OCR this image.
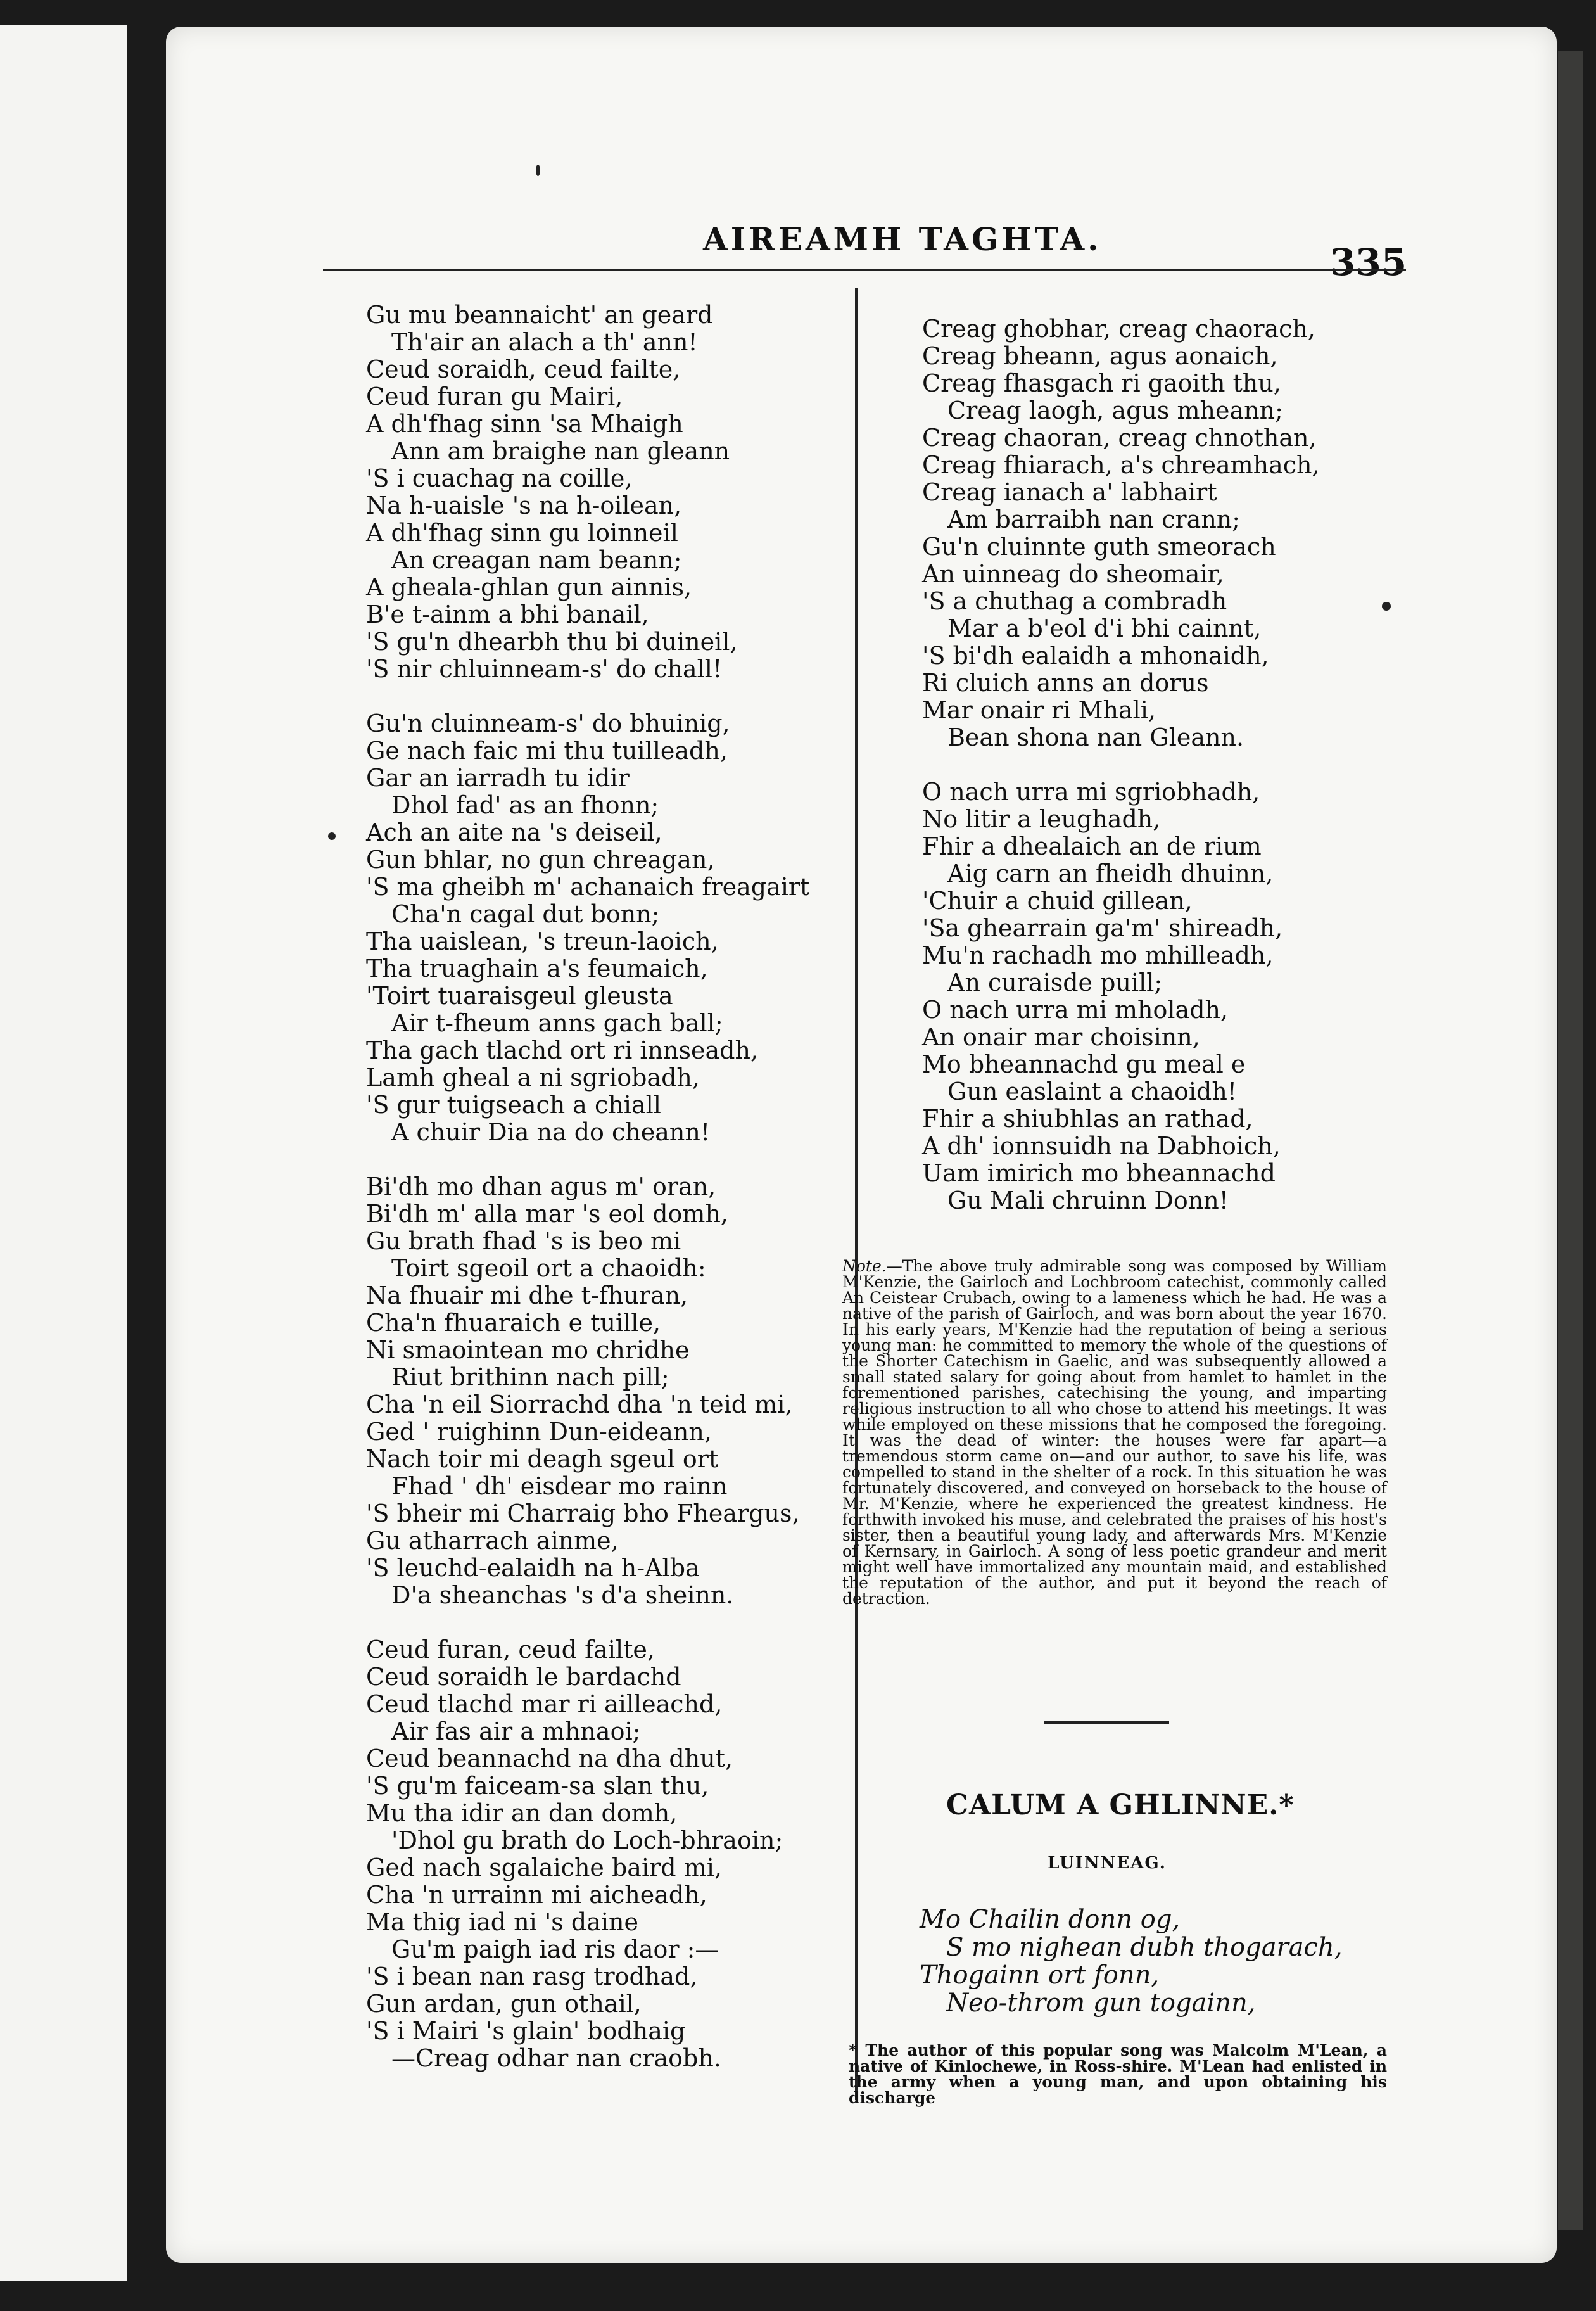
AIREAMH TAGHTA.
335
Gu mu beannaicht' an geard
Th'air an alach a th' ann!
Ceud soraidh, ceud failte,
Ceud furan gu Mairi,
A dh'fhag sinn 'sa Mhaigh
Ann am braighe nan gleann
'S i cuachag na coille,
Na h-uaisle 's na h-oilean,
A dh'fhag sinn gu loinneil
An creagan nam beann;
A gheala-ghlan gun ainnis,
B'e t-ainm a bhi banail,
'S gu'n dhearbh thu bi duineil,
'S nir chluinneam-s' do chall!
Gu'n cluinneam-s' do bhuinig,
Ge nach faic mi thu tuilleadh,
Gar an iarradh tu idir
Dhol fad' as an fhonn;
Ach an aite na 's deiseil,
Gun bhlar, no gun chreagan,
'S ma gheibh m' achanaich freagairt
Cha'n cagal dut bonn;
Tha uaislean, 's treun-laoich,
Tha truaghain a's feumaich,
'Toirt tuaraisgeul gleusta
Air t-fheum anns gach ball;
Tha gach tlachd ort ri innseadh,
Lamh gheal a ni sgriobadh,
'S gur tuigseach a chiall
A chuir Dia na do cheann!
Bi'dh mo dhan agus m' oran,
Bi'dh m' alla mar 's eol domh,
Gu brath fhad 's is beo mi
Toirt sgeoil ort a chaoidh:
Na fhuair mi dhe t-fhuran,
Cha'n fhuaraich e tuille,
Ni smaointean mo chridhe
Riut brithinn nach pill;
Cha 'n eil Siorrachd dha 'n teid mi,
Ged ' ruighinn Dun-eideann,
Nach toir mi deagh sgeul ort
Fhad ' dh' eisdear mo rainn
'S bheir mi Charraig bho Fheargus,
Gu atharrach ainme,
'S leuchd-ealaidh na h-Alba
D'a sheanchas 's d'a sheinn.
Ceud furan, ceud failte,
Ceud soraidh le bardachd
Ceud tlachd mar ri ailleachd,
Air fas air a mhnaoi;
Ceud beannachd na dha dhut,
'S gu'm faiceam-sa slan thu,
Mu tha idir an dan domh,
'Dhol gu brath do Loch-bhraoin;
Ged nach sgalaiche baird mi,
Cha 'n urrainn mi aicheadh,
Ma thig iad ni 's daine
Gu'm paigh iad ris daor :—
'S i bean nan rasg trodhad,
Gun ardan, gun othail,
'S i Mairi 's glain' bodhaig
—Creag odhar nan craobh.
Creag ghobhar, creag chaorach,
Creag bheann, agus aonaich,
Creag fhasgach ri gaoith thu,
Creag laogh, agus mheann;
Creag chaoran, creag chnothan,
Creag fhiarach, a's chreamhach,
Creag ianach a' labhairt
Am barraibh nan crann;
Gu'n cluinnte guth smeorach
An uinneag do sheomair,
'S a chuthag a combradh
Mar a b'eol d'i bhi cainnt,
'S bi'dh ealaidh a mhonaidh,
Ri cluich anns an dorus
Mar onair ri Mhali,
Bean shona nan Gleann.
O nach urra mi sgriobhadh,
No litir a leughadh,
Fhir a dhealaich an de rium
Aig carn an fheidh dhuinn,
'Chuir a chuid gillean,
'Sa ghearrain ga'm' shireadh,
Mu'n rachadh mo mhilleadh,
An curaisde puill;
O nach urra mi mholadh,
An onair mar choisinn,
Mo bheannachd gu meal e
Gun easlaint a chaoidh!
Fhir a shiubhlas an rathad,
A dh' ionnsuidh na Dabhoich,
Uam imirich mo bheannachd
Gu Mali chruinn Donn!
Note.—The above truly admirable song was composed by William M'Kenzie, the Gairloch and Lochbroom catechist, commonly called An Ceistear Crubach, owing to a lameness which he had. He was a native of the parish of Gairloch, and was born about the year 1670. In his early years, M'Kenzie had the reputation of being a serious young man: he committed to memory the whole of the questions of the Shorter Catechism in Gaelic, and was subsequently allowed a small stated salary for going about from hamlet to hamlet in the forementioned parishes, catechising the young, and imparting religious instruction to all who chose to attend his meetings. It was while employed on these missions that he composed the foregoing. It was the dead of winter: the houses were far apart—a tremendous storm came on—and our author, to save his life, was compelled to stand in the shelter of a rock. In this situation he was fortunately discovered, and conveyed on horseback to the house of Mr. M'Kenzie, where he experienced the greatest kindness. He forthwith invoked his muse, and celebrated the praises of his host's sister, then a beautiful young lady, and afterwards Mrs. M'Kenzie of Kernsary, in Gairloch. A song of less poetic grandeur and merit might well have immortalized any mountain maid, and established the reputation of the author, and put it beyond the reach of detraction.
CALUM A GHLINNE.*
LUINNEAG.
Mo Chailin donn og,
S mo nighean dubh thogarach,
Thogainn ort fonn,
Neo-throm gun togainn,
* The author of this popular song was Malcolm M'Lean, a native of Kinlochewe, in Ross-shire. M'Lean had enlisted in the army when a young man, and upon obtaining his discharge
